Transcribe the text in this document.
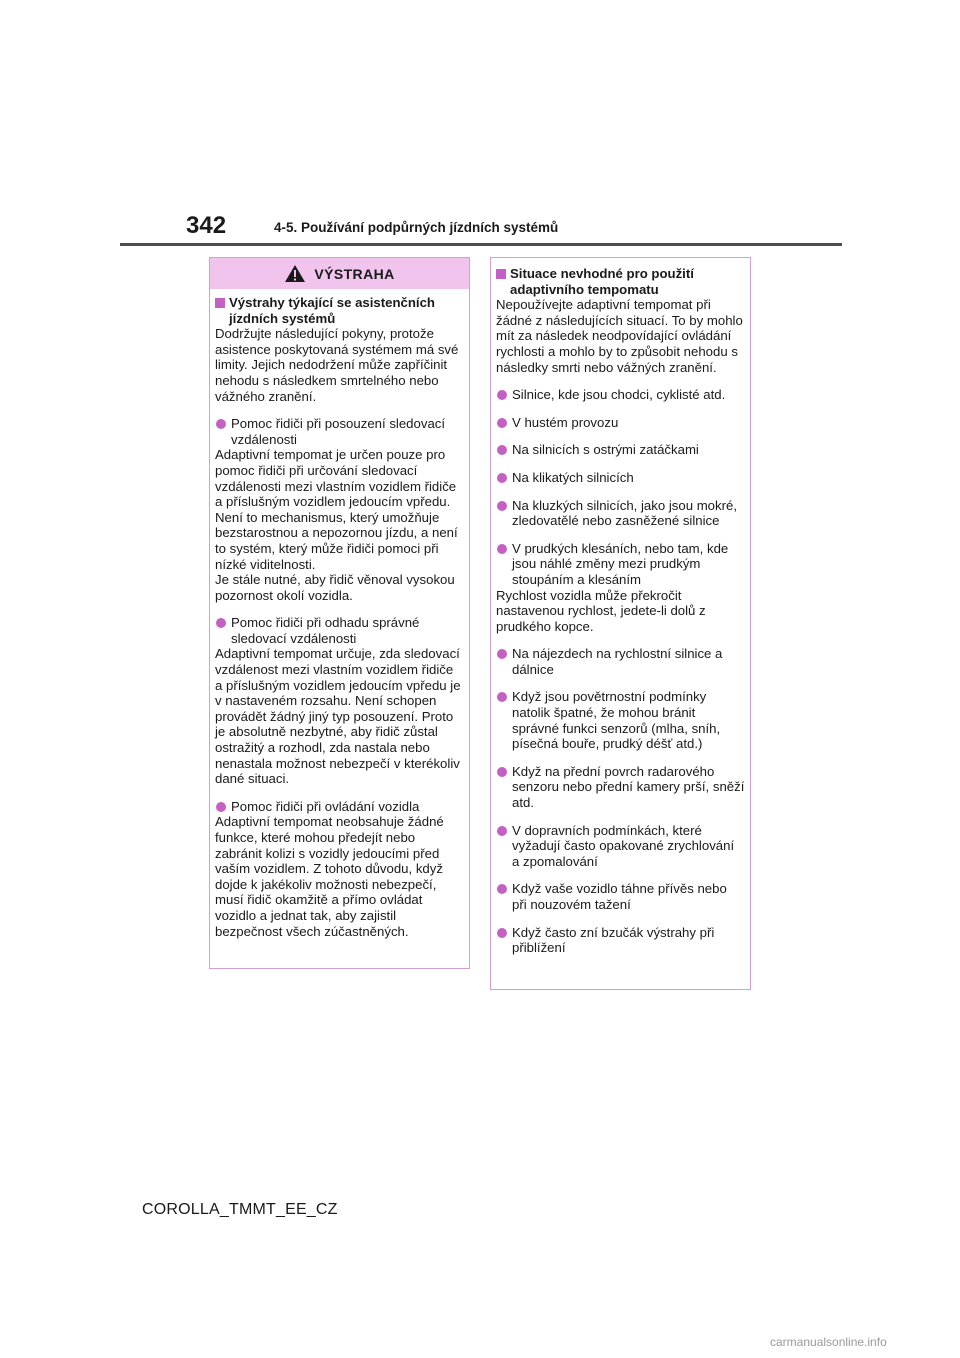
342	4-5. Používání podpůrných jízdních systémů
VÝSTRAHA
Výstrahy týkající se asistenčních jízdních systémů
Dodržujte následující pokyny, protože asistence poskytovaná systémem má své limity. Jejich nedodržení může zapříčinit nehodu s následkem smrtelného nebo vážného zranění.
Pomoc řidiči při posouzení sledovací vzdálenosti
Adaptivní tempomat je určen pouze pro pomoc řidiči při určování sledovací vzdálenosti mezi vlastním vozidlem řidiče a příslušným vozidlem jedoucím vpředu. Není to mechanismus, který umožňuje bezstarostnou a nepozornou jízdu, a není to systém, který může řidiči pomoci při nízké viditelnosti.
Je stále nutné, aby řidič věnoval vysokou pozornost okolí vozidla.
Pomoc řidiči při odhadu správné sledovací vzdálenosti
Adaptivní tempomat určuje, zda sledovací vzdálenost mezi vlastním vozidlem řidiče a příslušným vozidlem jedoucím vpředu je v nastaveném rozsahu. Není schopen provádět žádný jiný typ posouzení. Proto je absolutně nezbytné, aby řidič zůstal ostražitý a rozhodl, zda nastala nebo nenastala možnost nebezpečí v kterékoliv dané situaci.
Pomoc řidiči při ovládání vozidla
Adaptivní tempomat neobsahuje žádné funkce, které mohou předejít nebo zabránit kolizi s vozidly jedoucími před vaším vozidlem. Z tohoto důvodu, když dojde k jakékoliv možnosti nebezpečí, musí řidič okamžitě a přímo ovládat vozidlo a jednat tak, aby zajistil bezpečnost všech zúčastněných.
Situace nevhodné pro použití adaptivního tempomatu
Nepoužívejte adaptivní tempomat při žádné z následujících situací. To by mohlo mít za následek neodpovídající ovládání rychlosti a mohlo by to způsobit nehodu s následky smrti nebo vážných zranění.
Silnice, kde jsou chodci, cyklisté atd.
V hustém provozu
Na silnicích s ostrými zatáčkami
Na klikatých silnicích
Na kluzkých silnicích, jako jsou mokré, zledovatělé nebo zasněžené silnice
V prudkých klesáních, nebo tam, kde jsou náhlé změny mezi prudkým stoupáním a klesáním
Rychlost vozidla může překročit nastavenou rychlost, jedete-li dolů z prudkého kopce.
Na nájezdech na rychlostní silnice a dálnice
Když jsou povětrnostní podmínky natolik špatné, že mohou bránit správné funkci senzorů (mlha, sníh, písečná bouře, prudký déšť atd.)
Když na přední povrch radarového senzoru nebo přední kamery prší, sněží atd.
V dopravních podmínkách, které vyžadují často opakované zrychlování a zpomalování
Když vaše vozidlo táhne přívěs nebo při nouzovém tažení
Když často zní bzučák výstrahy při přiblížení
COROLLA_TMMT_EE_CZ
carmanualsonline.info
